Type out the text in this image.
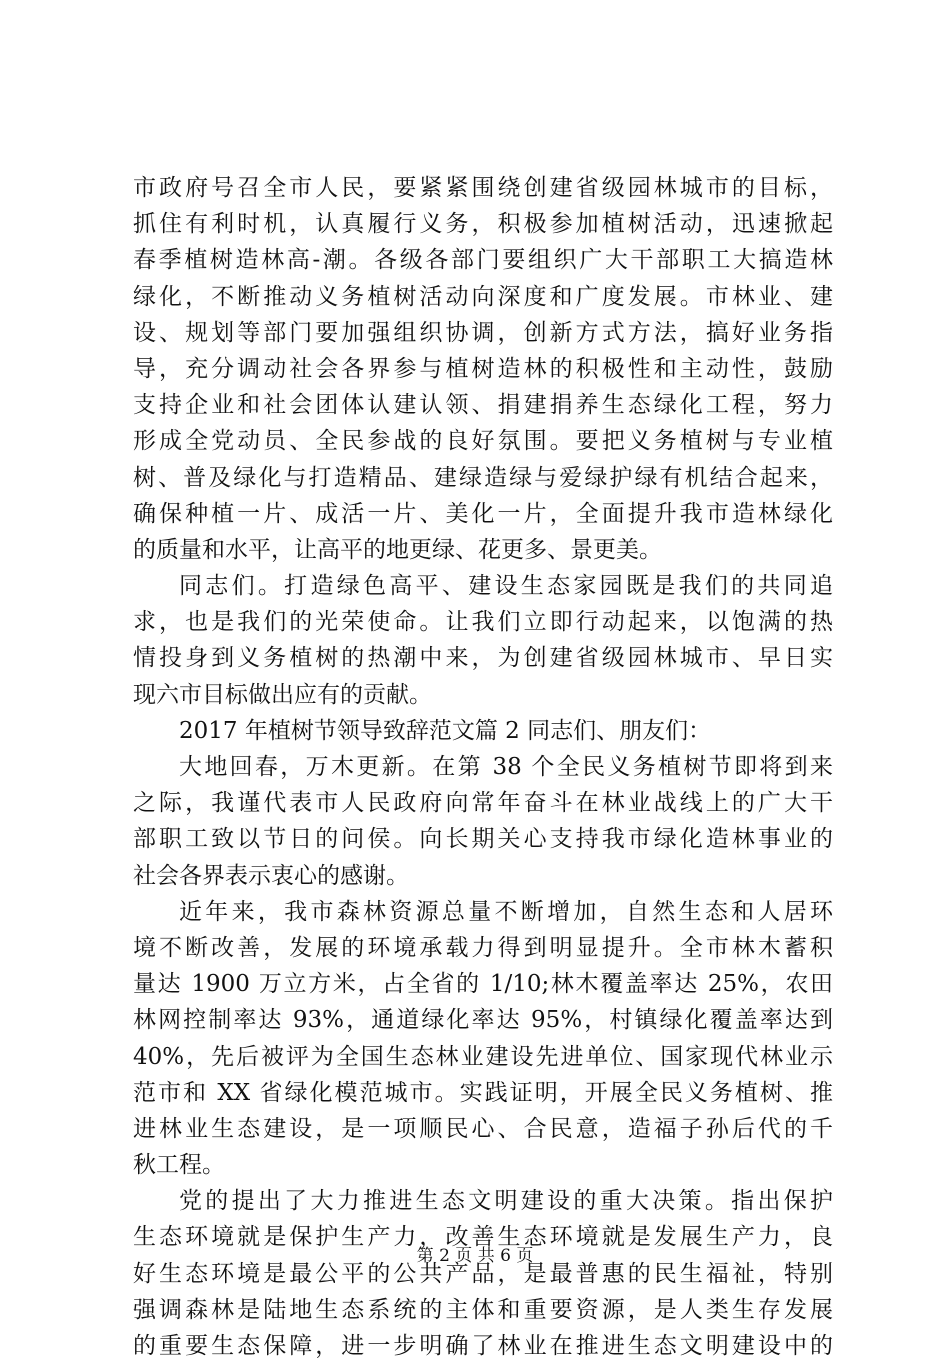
市政府号召全市人民，要紧紧围绕创建省级园林城市的目标，
抓住有利时机，认真履行义务，积极参加植树活动，迅速掀起
春季植树造林高-潮。各级各部门要组织广大干部职工大搞造林
绿化，不断推动义务植树活动向深度和广度发展。市林业、建
设、规划等部门要加强组织协调，创新方式方法，搞好业务指
导，充分调动社会各界参与植树造林的积极性和主动性，鼓励
支持企业和社会团体认建认领、捐建捐养生态绿化工程，努力
形成全党动员、全民参战的良好氛围。要把义务植树与专业植
树、普及绿化与打造精品、建绿造绿与爱绿护绿有机结合起来，
确保种植一片、成活一片、美化一片，全面提升我市造林绿化
的质量和水平，让高平的地更绿、花更多、景更美。
同志们。打造绿色高平、建设生态家园既是我们的共同追
求，也是我们的光荣使命。让我们立即行动起来，以饱满的热
情投身到义务植树的热潮中来，为创建省级园林城市、早日实
现六市目标做出应有的贡献。
2017 年植树节领导致辞范文篇 2 同志们、朋友们：
大地回春，万木更新。在第 38 个全民义务植树节即将到来
之际，我谨代表市人民政府向常年奋斗在林业战线上的广大干
部职工致以节日的问侯。向长期关心支持我市绿化造林事业的
社会各界表示衷心的感谢。
近年来，我市森林资源总量不断增加，自然生态和人居环
境不断改善，发展的环境承载力得到明显提升。全市林木蓄积
量达 1900 万立方米，占全省的 1/10;林木覆盖率达 25%，农田
林网控制率达 93%，通道绿化率达 95%，村镇绿化覆盖率达到
40%，先后被评为全国生态林业建设先进单位、国家现代林业示
范市和 XX 省绿化模范城市。实践证明，开展全民义务植树、推
进林业生态建设，是一项顺民心、合民意，造福子孙后代的千
秋工程。
党的提出了大力推进生态文明建设的重大决策。指出保护
生态环境就是保护生产力，改善生态环境就是发展生产力，良
好生态环境是最公平的公共产品，是最普惠的民生福祉，特别
强调森林是陆地生态系统的主体和重要资源，是人类生存发展
的重要生态保障，进一步明确了林业在推进生态文明建设中的
第 2 页 共 6 页
